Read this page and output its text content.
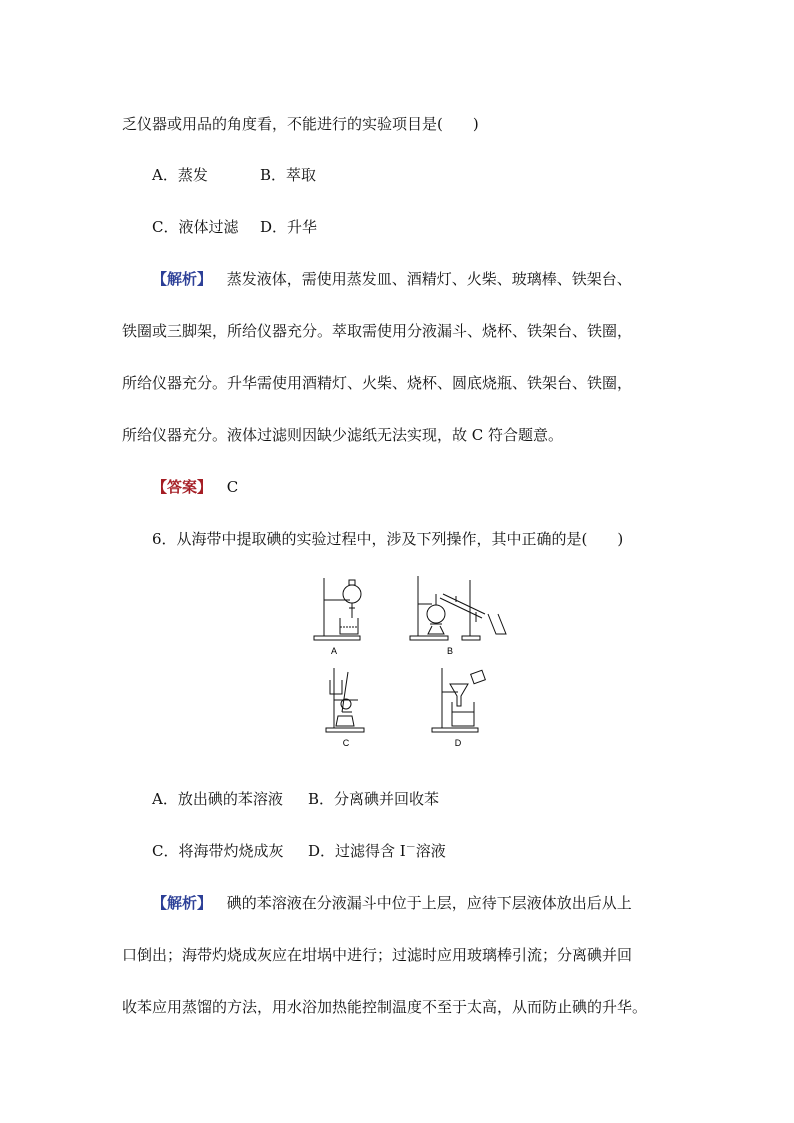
乏仪器或用品的角度看，不能进行的实验项目是(　　)
A．蒸发	B．萃取
C．液体过滤 D．升华
【解析】 蒸发液体，需使用蒸发皿、酒精灯、火柴、玻璃棒、铁架台、
铁圈或三脚架，所给仪器充分。萃取需使用分液漏斗、烧杯、铁架台、铁圈，
所给仪器充分。升华需使用酒精灯、火柴、烧杯、圆底烧瓶、铁架台、铁圈，
所给仪器充分。液体过滤则因缺少滤纸无法实现，故 C 符合题意。
【答案】 C
6．从海带中提取碘的实验过程中，涉及下列操作，其中正确的是(　　)
A	B
C	D
A．放出碘的苯溶液 B．分离碘并回收苯
C．将海带灼烧成灰 D．过滤得含 I－溶液
【解析】 碘的苯溶液在分液漏斗中位于上层，应待下层液体放出后从上
口倒出；海带灼烧成灰应在坩埚中进行；过滤时应用玻璃棒引流；分离碘并回
收苯应用蒸馏的方法，用水浴加热能控制温度不至于太高，从而防止碘的升华。
